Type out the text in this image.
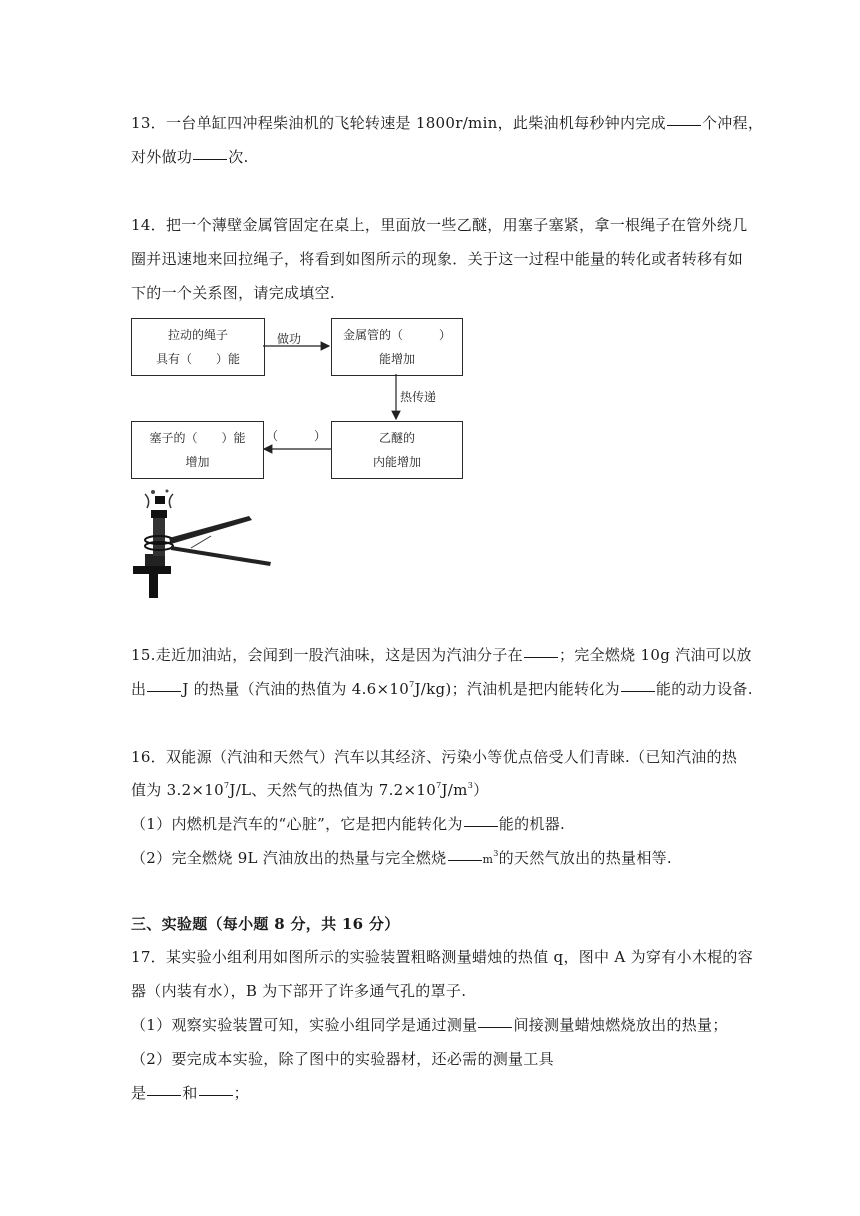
13．一台单缸四冲程柴油机的飞轮转速是 1800r/min，此柴油机每秒钟内完成 个冲程，
对外做功 次.
14．把一个薄壁金属管固定在桌上，里面放一些乙醚，用塞子塞紧，拿一根绳子在管外绕几
圈并迅速地来回拉绳子，将看到如图所示的现象．关于这一过程中能量的转化或者转移有如
下的一个关系图，请完成填空.
拉动的绳子
具有（　　）能
金属管的（　　　）
能增加
乙醚的
内能增加
塞子的（　　）能
增加
做功
热传递
（　　　）
15.走近加油站，会闻到一股汽油味，这是因为汽油分子在 ；完全燃烧 10g 汽油可以放
出 J 的热量（汽油的热值为 $4.6\times 10^7J/kg$)；汽油机是把内能转化为 能的动力设备.
16．双能源（汽油和天然气）汽车以其经济、污染小等优点倍受人们青睐.（已知汽油的热
值为 $3.2\times 10^7J/L$、天然气的热值为 $7.2\times 10^7J/m^3$）
（1）内燃机是汽车的“心脏”，它是把内能转化为 能的机器.
（2）完全燃烧 9L 汽油放出的热量与完全燃烧	$m^3$的天然气放出的热量相等.
三、实验题（每小题 8 分，共 16 分）
17．某实验小组利用如图所示的实验装置粗略测量蜡烛的热值 q，图中 A 为穿有小木棍的容
器（内装有水），B 为下部开了许多通气孔的罩子.
（1）观察实验装置可知，实验小组同学是通过测量 间接测量蜡烛燃烧放出的热量；
（2）要完成本实验，除了图中的实验器材，还必需的测量工具
是 和 ；
